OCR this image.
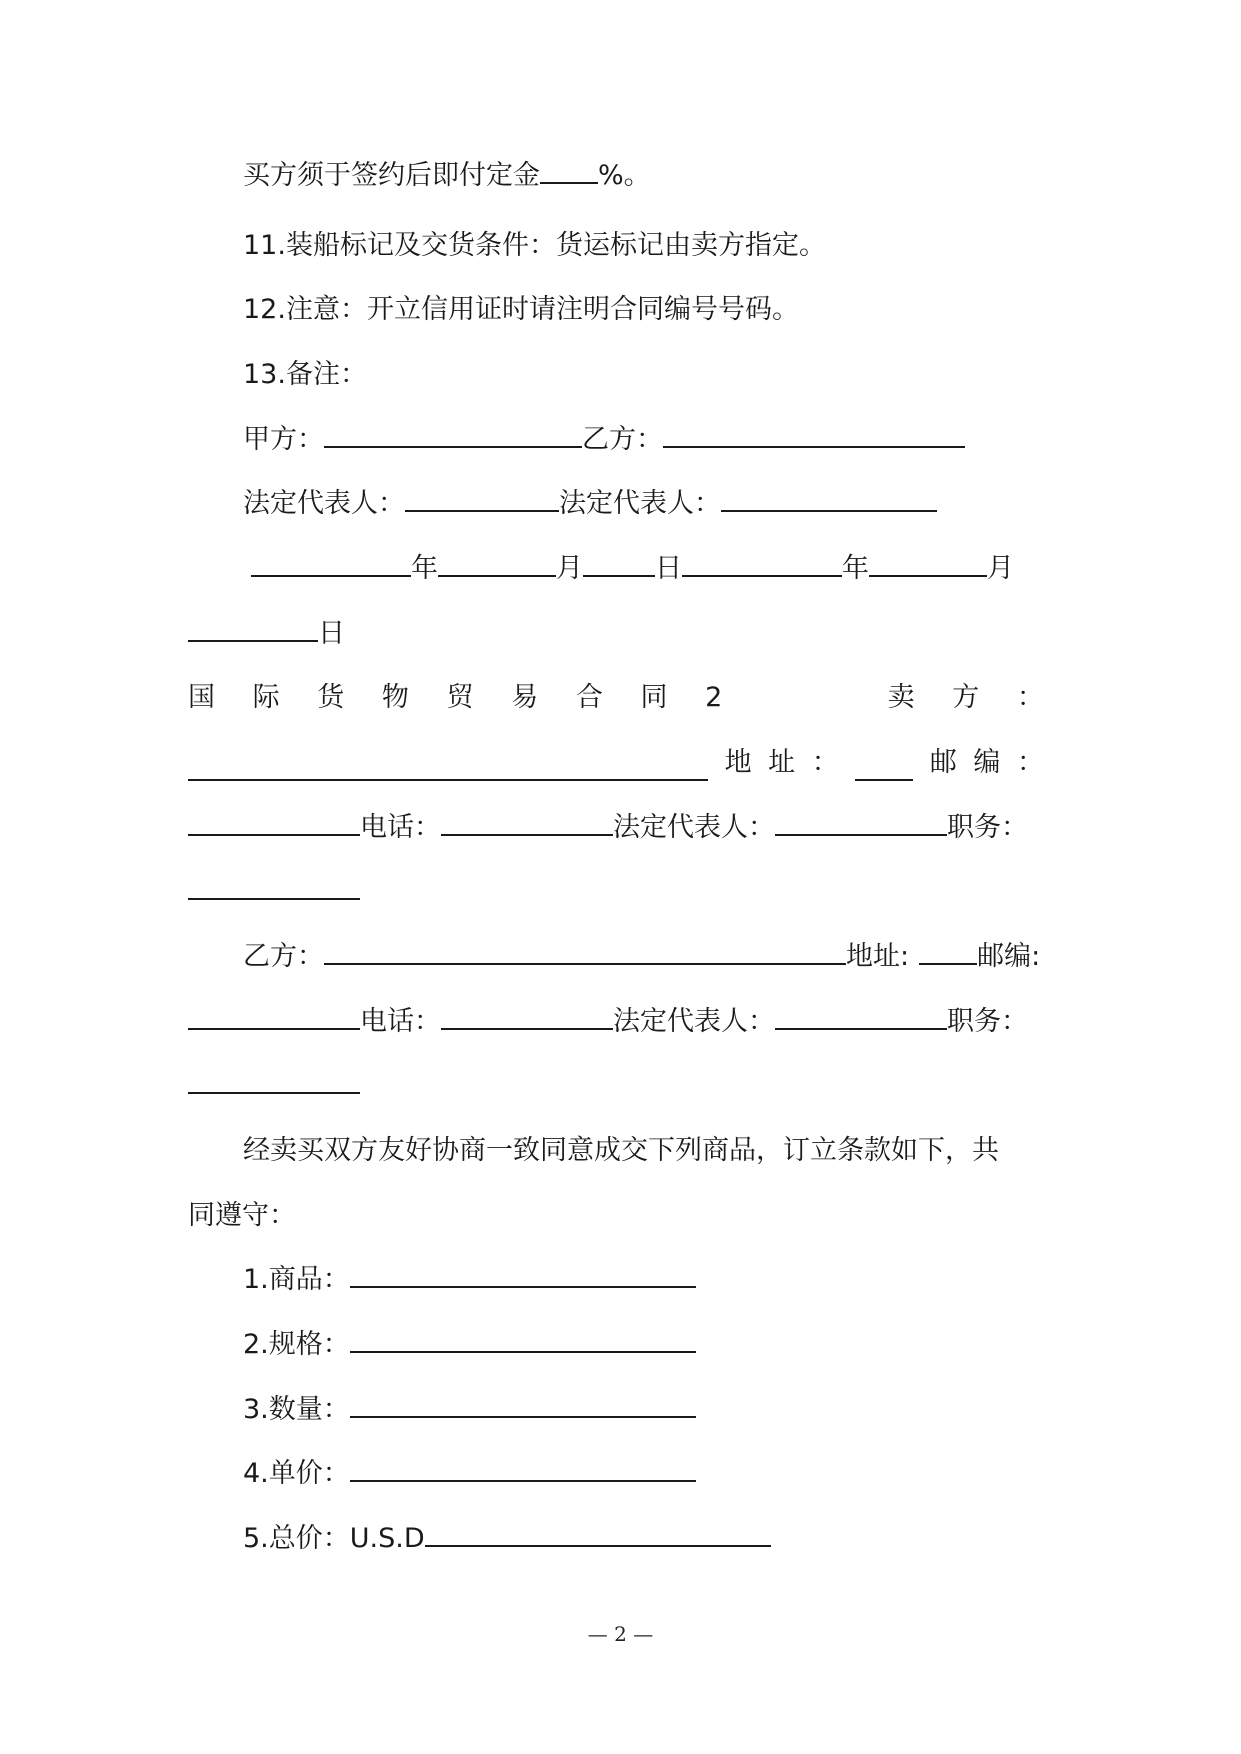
买方须于签约后即付定金 %。
11.装船标记及交货条件：货运标记由卖方指定。
12.注意：开立信用证时请注明合同编号号码。
13.备注：
甲方：	乙方：
法定代表人：	法定代表人：
年	月	日	年	月
日
国 际 货 物 贸 易 合 同 2	卖 方 ：
地 址 ：	邮 编 ：
电话：	法定代表人：	职务：
乙方：	地址:	邮编:
电话：	法定代表人：	职务：
经卖买双方友好协商一致同意成交下列商品，订立条款如下，共
同遵守：
1.商品：
2.规格：
3.数量：
4.单价：
5.总价：U.S.D
— 2 —
